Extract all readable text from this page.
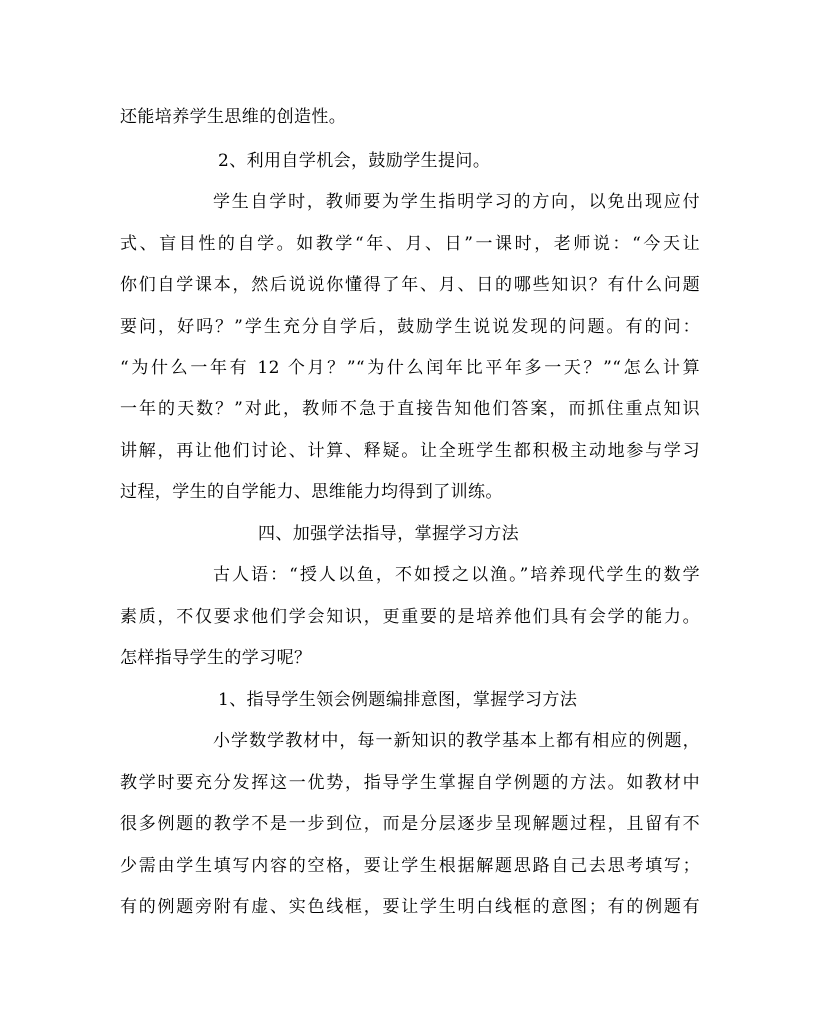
还能培养学生思维的创造性。
2、利用自学机会，鼓励学生提问。
学生自学时，教师要为学生指明学习的方向，以免出现应付
式、盲目性的自学。如教学“年、月、日”一课时，老师说：“今天让
你们自学课本，然后说说你懂得了年、月、日的哪些知识？有什么问题
要问，好吗？”学生充分自学后，鼓励学生说说发现的问题。有的问：
“为什么一年有 12 个月？”“为什么闰年比平年多一天？”“怎么计算
一年的天数？”对此，教师不急于直接告知他们答案，而抓住重点知识
讲解，再让他们讨论、计算、释疑。让全班学生都积极主动地参与学习
过程，学生的自学能力、思维能力均得到了训练。
四、加强学法指导，掌握学习方法
古人语：“授人以鱼，不如授之以渔。”培养现代学生的数学
素质，不仅要求他们学会知识，更重要的是培养他们具有会学的能力。
怎样指导学生的学习呢？
1、指导学生领会例题编排意图，掌握学习方法
小学数学教材中，每一新知识的教学基本上都有相应的例题，
教学时要充分发挥这一优势，指导学生掌握自学例题的方法。如教材中
很多例题的教学不是一步到位，而是分层逐步呈现解题过程，且留有不
少需由学生填写内容的空格，要让学生根据解题思路自己去思考填写；
有的例题旁附有虚、实色线框，要让学生明白线框的意图；有的例题有
